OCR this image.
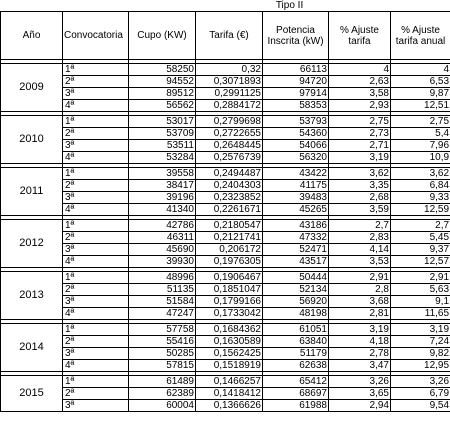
		Tipo II				
Año	Convocatoria	Cupo (KW)	Tarifa (€)	Potencia Inscrita (kW)	% Ajuste tarifa	% Ajuste tarifa anual

2009	1ª	58250	0,32	66113	4	4
	2ª	94552	0,3071893	94720	2,63	6,53
	3ª	89512	0,2991125	97914	3,58	9,87
	4ª	56562	0,2884172	58353	2,93	12,51

2010	1ª	53017	0,2799698	53793	2,75	2,75
	2ª	53709	0,2722655	54360	2,73	5,4
	3ª	53511	0,2648445	54066	2,71	7,96
	4ª	53284	0,2576739	56320	3,19	10,9

2011	1ª	39558	0,2494487	43422	3,62	3,62
	2ª	38417	0,2404303	41175	3,35	6,84
	3ª	39196	0,2323852	39483	2,68	9,33
	4ª	41340	0,2261671	45265	3,59	12,59

2012	1ª	42786	0,2180547	43186	2,7	2,7
	2ª	46311	0,2121741	47332	2,83	5,45
	3ª	45690	0,206172	52471	4,14	9,37
	4ª	39930	0,1976305	43517	3,53	12,57

2013	1ª	48996	0,1906467	50444	2,91	2,91
	2ª	51135	0,1851047	52134	2,8	5,63
	3ª	51584	0,1799166	56920	3,68	9,1
	4ª	47247	0,1733042	48198	2,81	11,65

2014	1ª	57758	0,1684362	61051	3,19	3,19
	2ª	55416	0,1630589	63840	4,18	7,24
	3ª	50285	0,1562425	51179	2,78	9,82
	4ª	57815	0,1518919	62638	3,47	12,95

2015	1ª	61489	0,1466257	65412	3,26	3,26
	2ª	62389	0,1418412	68697	3,65	6,79
	3ª	60004	0,1366626	61988	2,94	9,54
